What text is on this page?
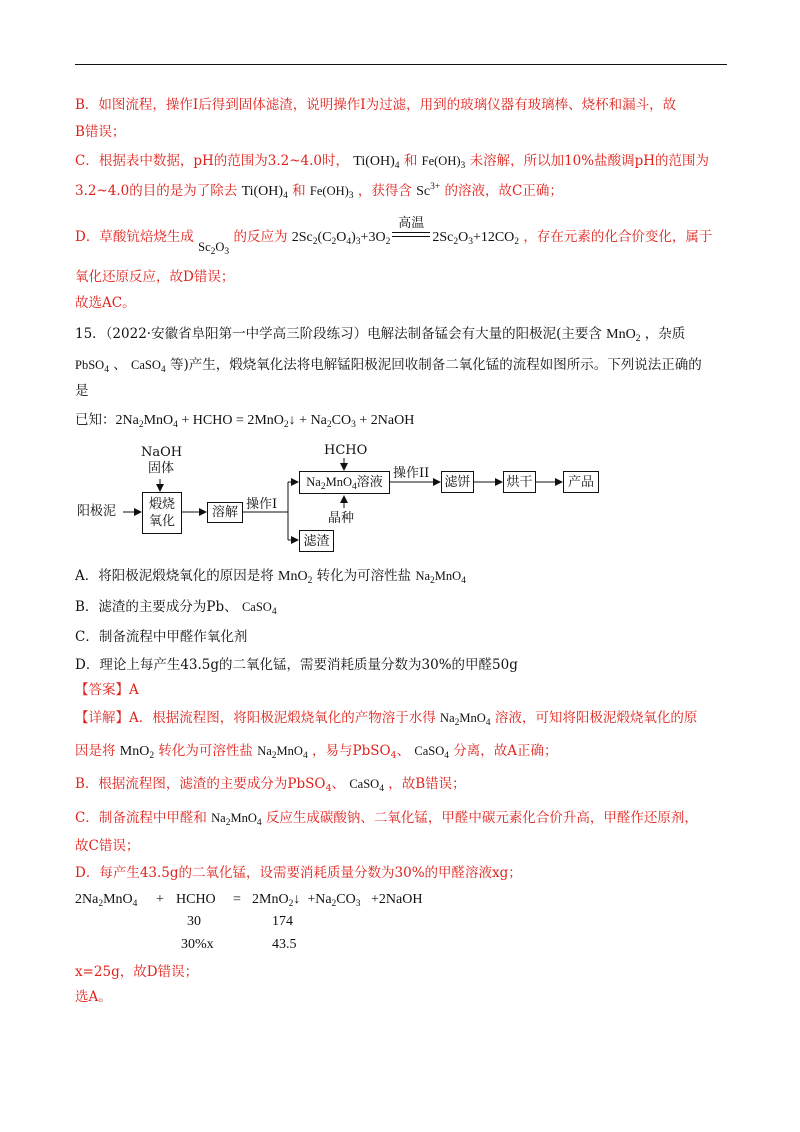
B．如图流程，操作Ⅰ后得到固体滤渣，说明操作Ⅰ为过滤，用到的玻璃仪器有玻璃棒、烧杯和漏斗，故
B错误；
C．根据表中数据，pH的范围为3.2~4.0时， $Ti(OH)_4$ 和 $Fe(OH)_3$ 未溶解，所以加10%盐酸调pH的范围为
3.2~4.0的目的是为了除去 $Ti(OH)_4$ 和 $Fe(OH)_3$ ，获得含 $Sc^{3+}$ 的溶液，故C正确；
D．草酸钪焙烧生成 $Sc_2O_3$ 的反应为 $2Sc_2(C_2O_4)_3+3O_2$
高温
$2Sc_2O_3+12CO_2$ ，存在元素的化合价变化，属于
氧化还原反应，故D错误；
故选AC。
15．（2022·安徽省阜阳第一中学高三阶段练习）电解法制备锰会有大量的阳极泥(主要含 MnO$_2$ ，杂质
PbSO$_4$ 、 CaSO$_4$ 等)产生，煅烧氧化法将电解锰阳极泥回收制备二氧化锰的流程如图所示。下列说法正确的
是
已知：$2Na_2MnO_4$ + HCHO = 2MnO$_2$↓ + $Na_2CO_3$ + 2NaOH
阳极泥
NaOH
固体
煅烧氧化
溶解
操作I
HCHO
$Na_2MnO_4$ 溶液
晶种
操作II
滤饼	烘干	产品
滤渣
A．将阳极泥煅烧氧化的原因是将 MnO$_2$ 转化为可溶性盐 $Na_2MnO_4$
B．滤渣的主要成分为Pb、 CaSO$_4$
C．制备流程中甲醛作氧化剂
D．理论上每产生43.5g的二氧化锰，需要消耗质量分数为30%的甲醛50g
【答案】A
【详解】A．根据流程图，将阳极泥煅烧氧化的产物溶于水得 $Na_2MnO_4$ 溶液，可知将阳极泥煅烧氧化的原
因是将 MnO$_2$ 转化为可溶性盐 $Na_2MnO_4$ ，易与PbSO$_4$、 CaSO$_4$ 分离，故A正确；
B．根据流程图，滤渣的主要成分为PbSO$_4$、 CaSO$_4$ ，故B错误；
C．制备流程中甲醛和 $Na_2MnO_4$ 反应生成碳酸钠、二氧化锰，甲醛中碳元素化合价升高，甲醛作还原剂，
故C错误；
D．每产生43.5g的二氧化锰，设需要消耗质量分数为30%的甲醛溶液xg；
$2Na_2MnO_4$ + HCHO = 2MnO$_2$↓  $+Na_2CO_3$   +2NaOH
30	174
30%x	43.5
x=25g，故D错误；
选A。
